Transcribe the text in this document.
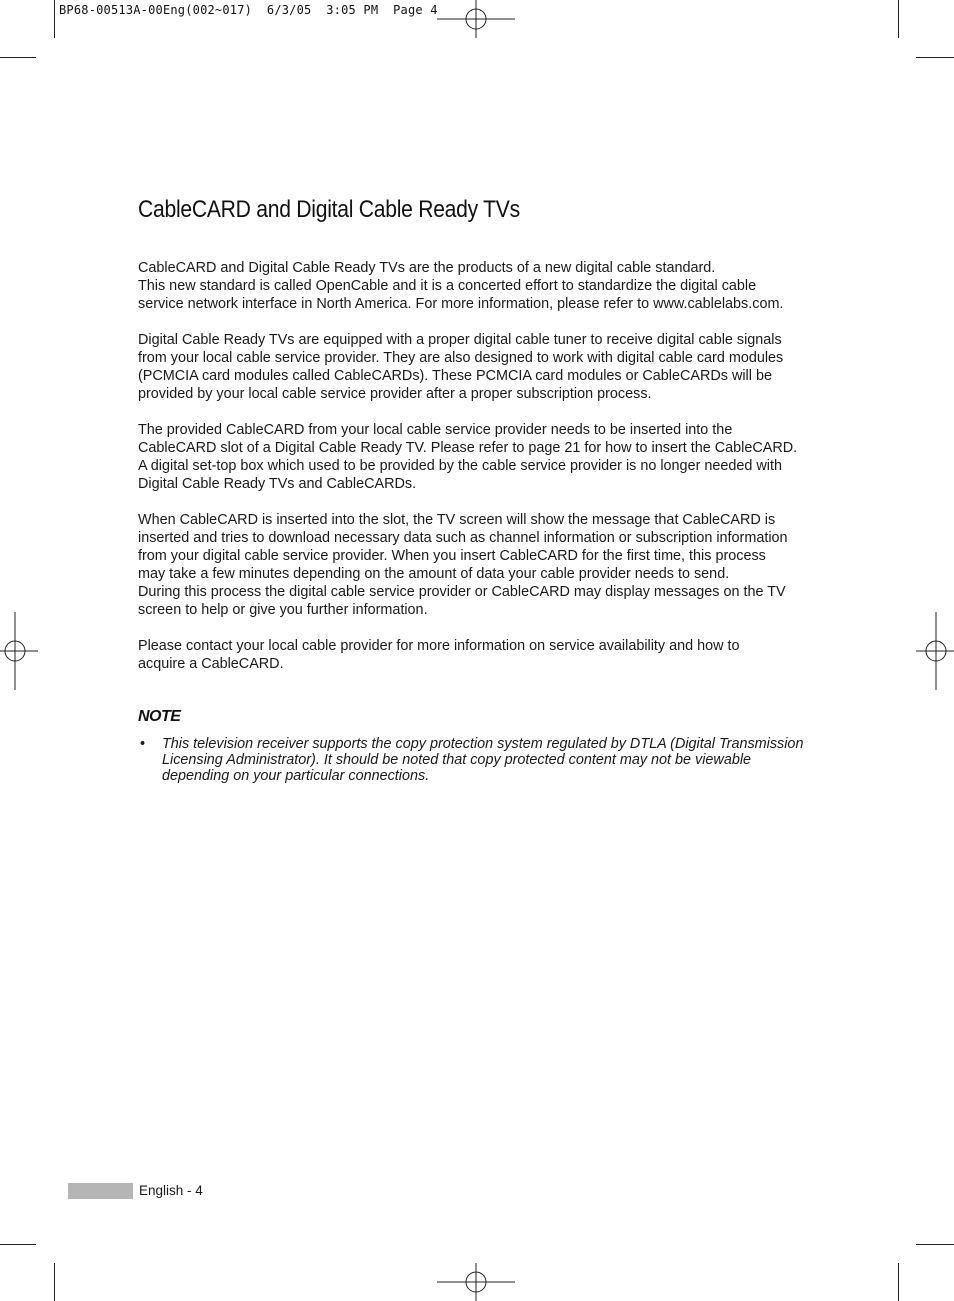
BP68-00513A-00Eng(002~017)  6/3/05  3:05 PM  Page 4
CableCARD and Digital Cable Ready TVs

CableCARD and Digital Cable Ready TVs are the products of a new digital cable standard.
This new standard is called OpenCable and it is a concerted effort to standardize the digital cable
service network interface in North America. For more information, please refer to www.cablelabs.com.

Digital Cable Ready TVs are equipped with a proper digital cable tuner to receive digital cable signals
from your local cable service provider. They are also designed to work with digital cable card modules
(PCMCIA card modules called CableCARDs). These PCMCIA card modules or CableCARDs will be
provided by your local cable service provider after a proper subscription process.

The provided CableCARD from your local cable service provider needs to be inserted into the
CableCARD slot of a Digital Cable Ready TV. Please refer to page 21 for how to insert the CableCARD.
A digital set-top box which used to be provided by the cable service provider is no longer needed with
Digital Cable Ready TVs and CableCARDs.

When CableCARD is inserted into the slot, the TV screen will show the message that CableCARD is
inserted and tries to download necessary data such as channel information or subscription information
from your digital cable service provider. When you insert CableCARD for the first time, this process
may take a few minutes depending on the amount of data your cable provider needs to send.
During this process the digital cable service provider or CableCARD may display messages on the TV
screen to help or give you further information.

Please contact your local cable provider for more information on service availability and how to
acquire a CableCARD.

NOTE
• This television receiver supports the copy protection system regulated by DTLA (Digital Transmission
Licensing Administrator). It should be noted that copy protected content may not be viewable
depending on your particular connections.
English - 4
